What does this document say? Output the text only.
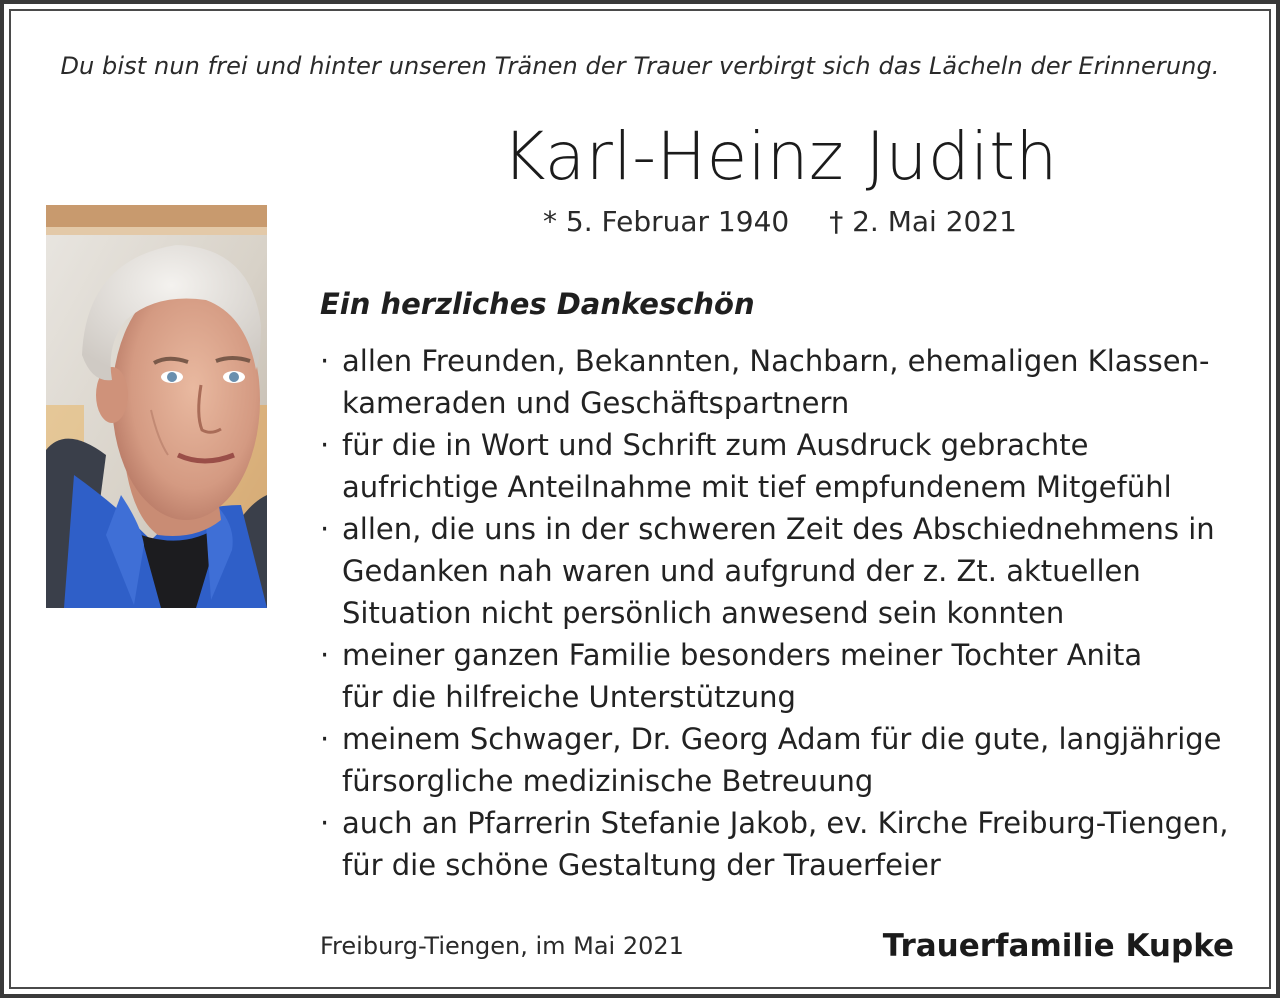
Du bist nun frei und hinter unseren Tränen der Trauer verbirgt sich das Lächeln der Erinnerung.
Karl-Heinz Judith
* 5. Februar 1940 † 2. Mai 2021
Ein herzliches Dankeschön
· allen Freunden, Bekannten, Nachbarn, ehemaligen Klassen-
kameraden und Geschäftspartnern
· für die in Wort und Schrift zum Ausdruck gebrachte
aufrichtige Anteilnahme mit tief empfundenem Mitgefühl
· allen, die uns in der schweren Zeit des Abschiednehmens in
Gedanken nah waren und aufgrund der z. Zt. aktuellen
Situation nicht persönlich anwesend sein konnten
· meiner ganzen Familie besonders meiner Tochter Anita
für die hilfreiche Unterstützung
· meinem Schwager, Dr. Georg Adam für die gute, langjährige
fürsorgliche medizinische Betreuung
· auch an Pfarrerin Stefanie Jakob, ev. Kirche Freiburg-Tiengen,
für die schöne Gestaltung der Trauerfeier
Freiburg-Tiengen, im Mai 2021	Trauerfamilie Kupke
